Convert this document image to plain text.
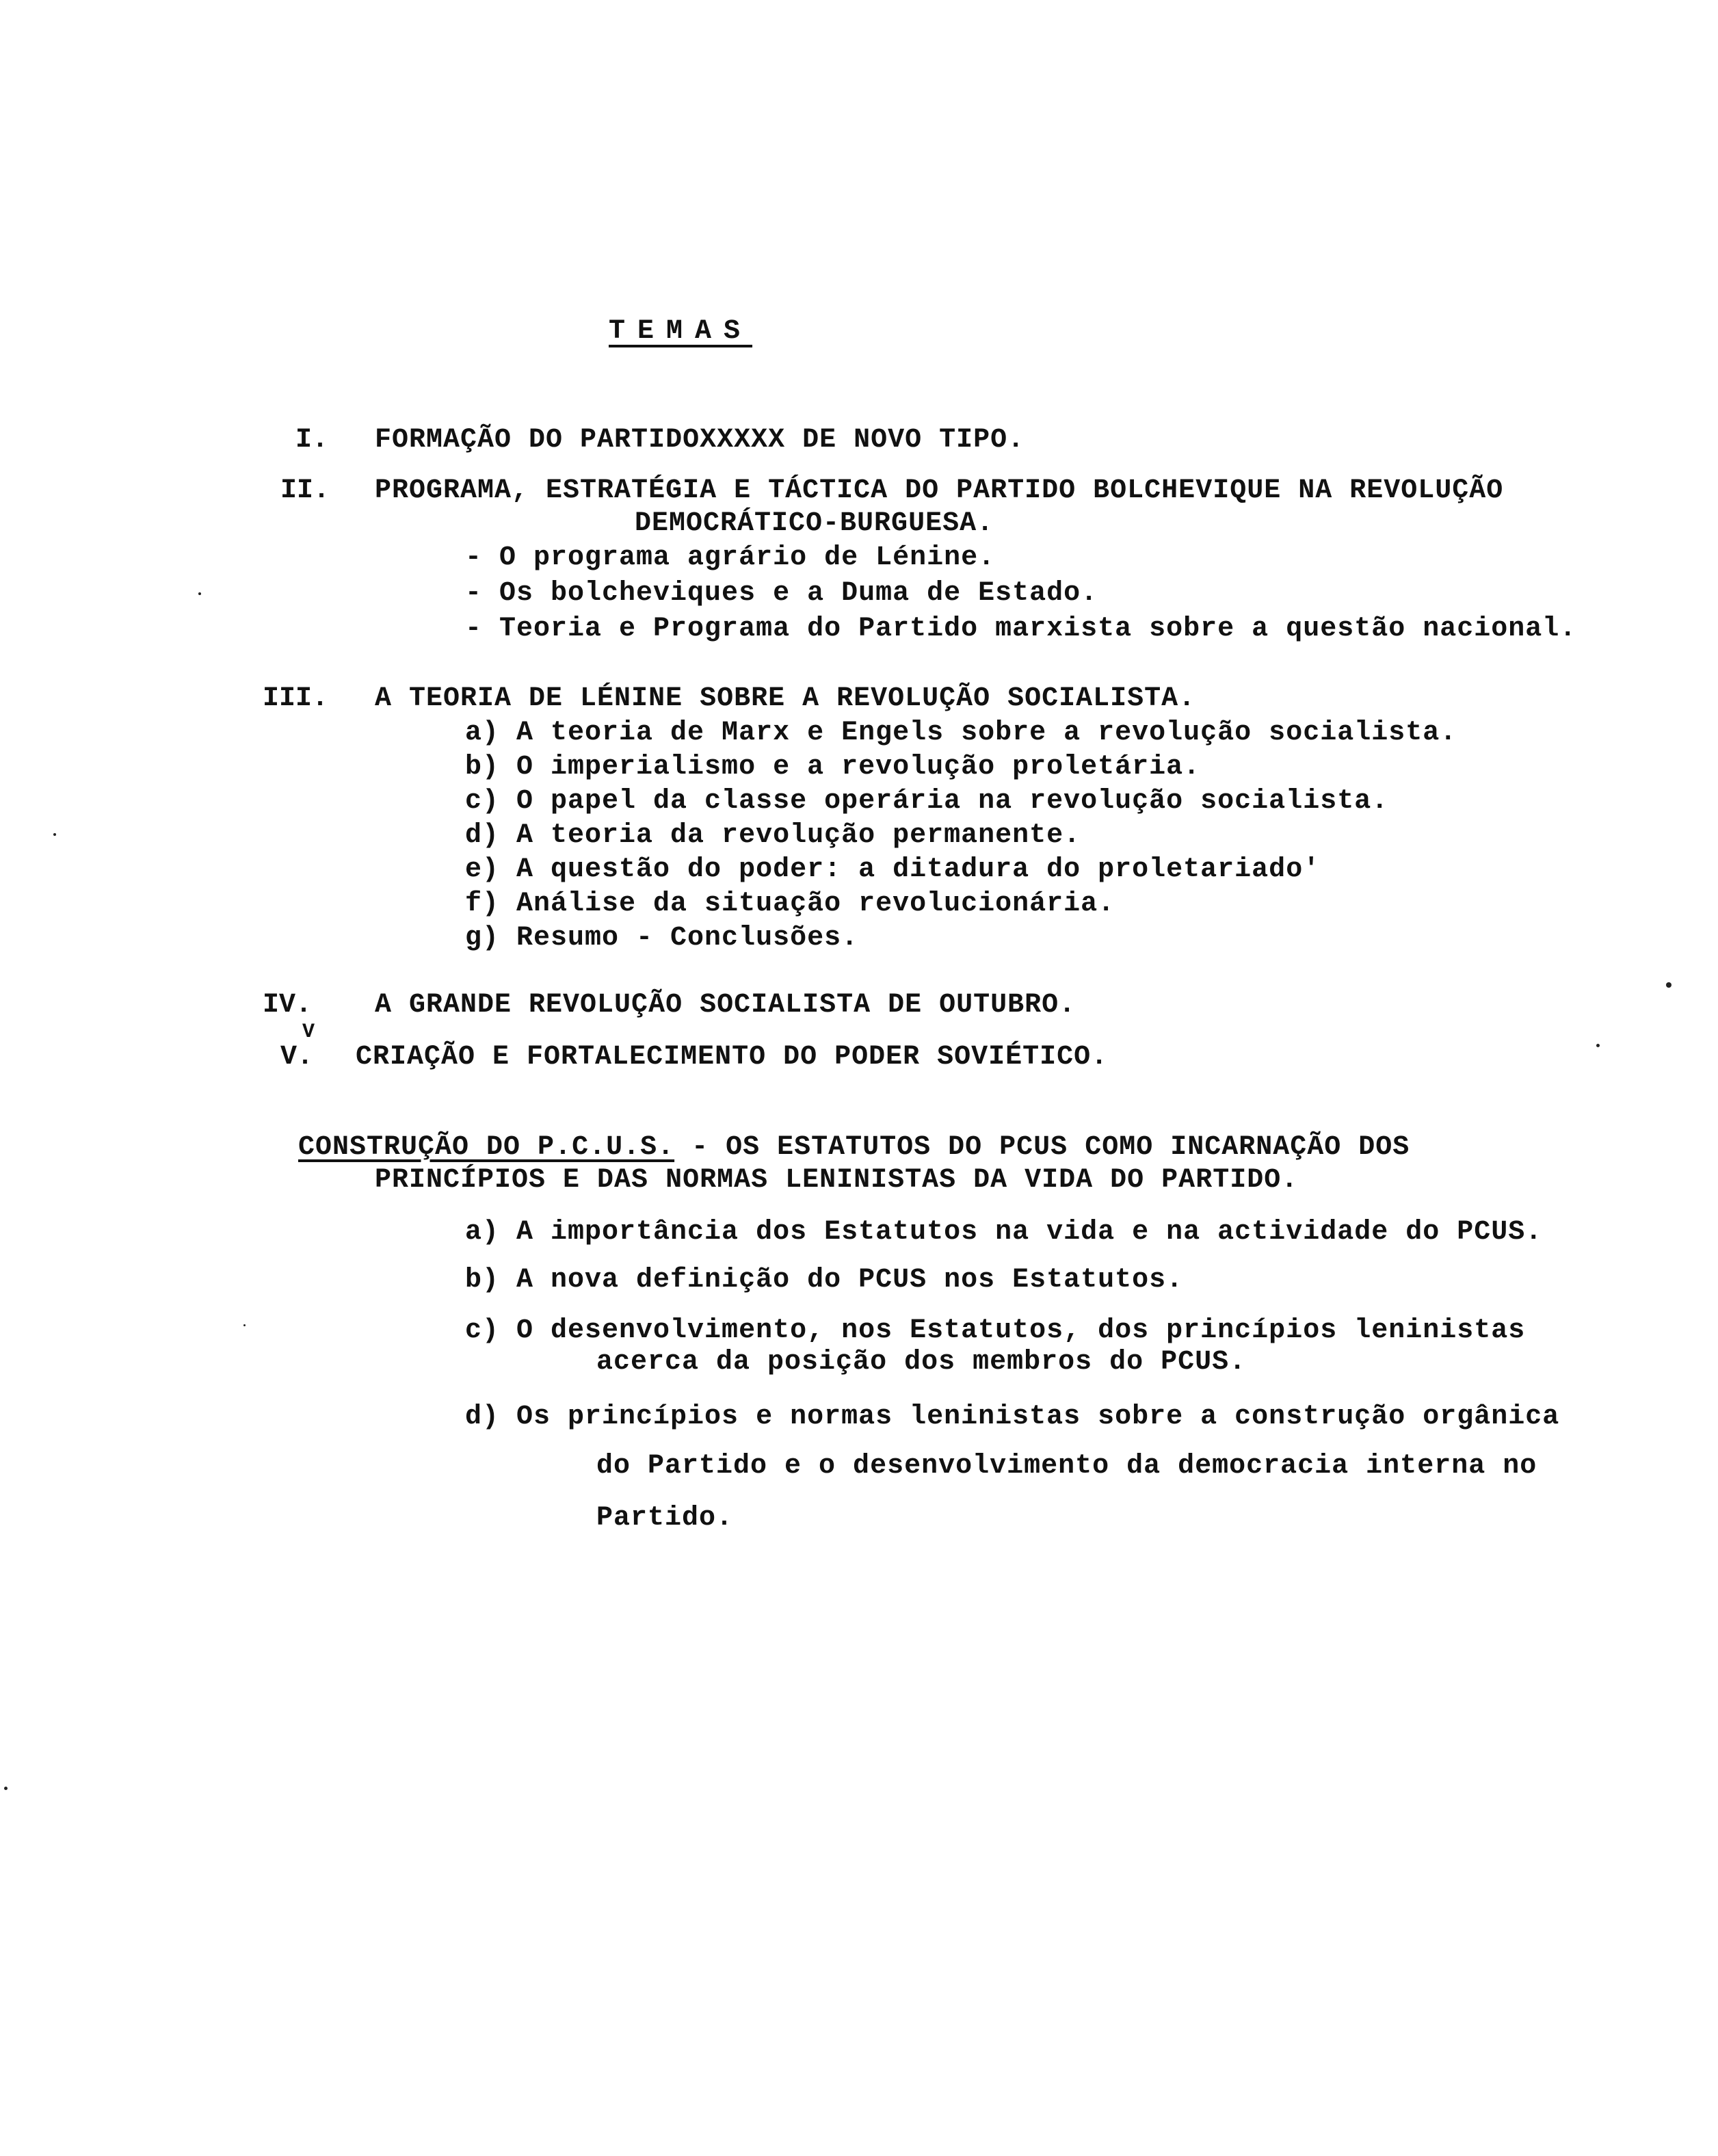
TEMAS
I. FORMAÇÃO DO PARTIDOXXXXX DE NOVO TIPO.
II. PROGRAMA, ESTRATÉGIA E TÁCTICA DO PARTIDO BOLCHEVIQUE NA REVOLUÇÃO
DEMOCRÁTICO-BURGUESA.
- O programa agrário de Lénine.
- Os bolcheviques e a Duma de Estado.
- Teoria e Programa do Partido marxista sobre a questão nacional.
III. A TEORIA DE LÉNINE SOBRE A REVOLUÇÃO SOCIALISTA.
a) A teoria de Marx e Engels sobre a revolução socialista.
b) O imperialismo e a revolução proletária.
c) O papel da classe operária na revolução socialista.
d) A teoria da revolução permanente.
e) A questão do poder: a ditadura do proletariado'
f) Análise da situação revolucionária.
g) Resumo - Conclusões.
IV. A GRANDE REVOLUÇÃO SOCIALISTA DE OUTUBRO.
V
V. CRIAÇÃO E FORTALECIMENTO DO PODER SOVIÉTICO.
CONSTRUÇÃO DO P.C.U.S. - OS ESTATUTOS DO PCUS COMO INCARNAÇÃO DOS
PRINCÍPIOS E DAS NORMAS LENINISTAS DA VIDA DO PARTIDO.
a) A importância dos Estatutos na vida e na actividade do PCUS.
b) A nova definição do PCUS nos Estatutos.
c) O desenvolvimento, nos Estatutos, dos princípios leninistas
acerca da posição dos membros do PCUS.
d) Os princípios e normas leninistas sobre a construção orgânica
do Partido e o desenvolvimento da democracia interna no
Partido.
